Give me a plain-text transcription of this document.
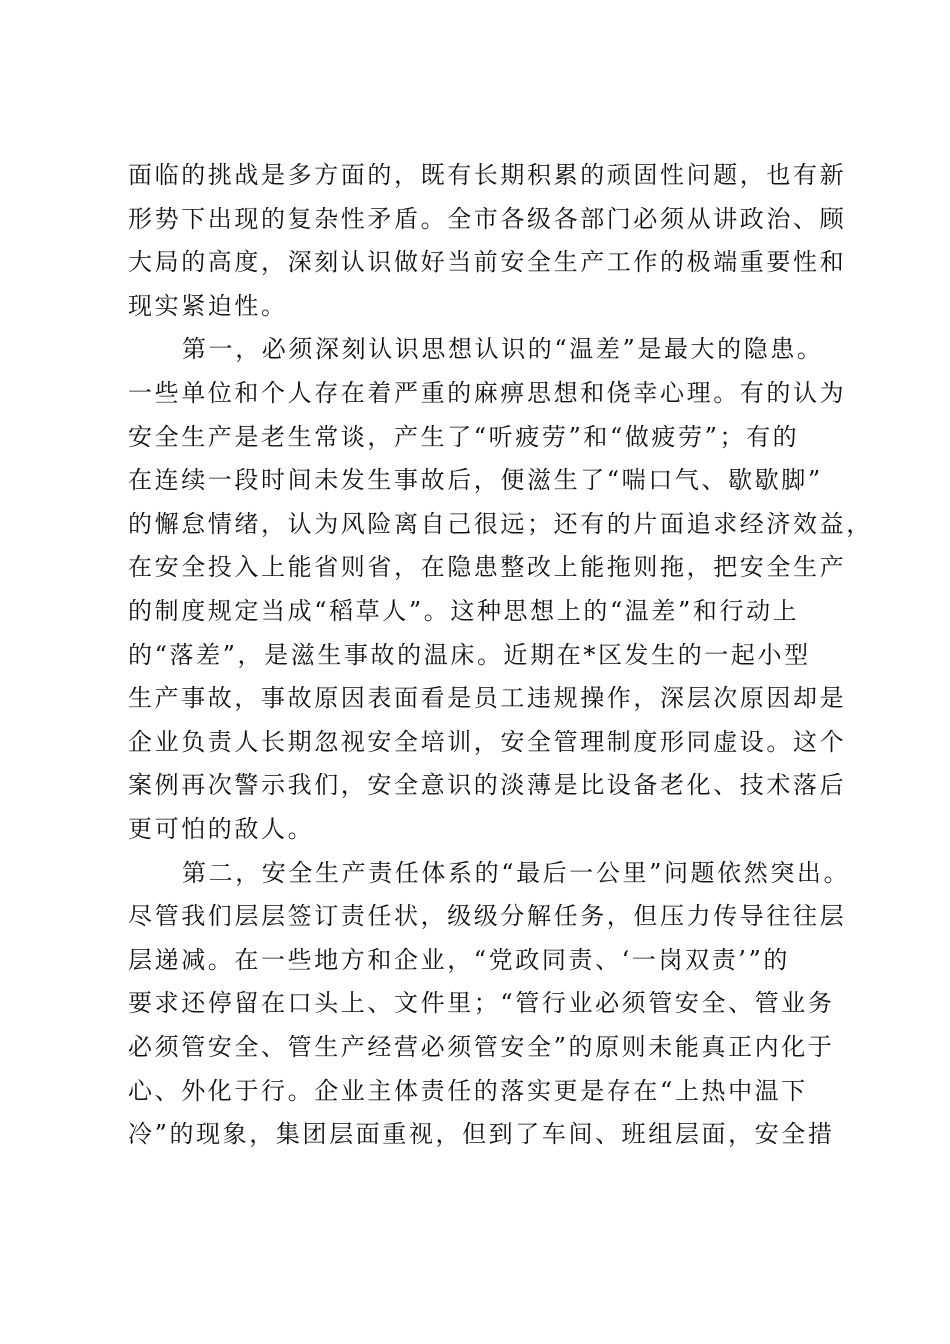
面临的挑战是多方面的，既有长期积累的顽固性问题，也有新
形势下出现的复杂性矛盾。全市各级各部门必须从讲政治、顾
大局的高度，深刻认识做好当前安全生产工作的极端重要性和
现实紧迫性。
第一，必须深刻认识思想认识的“温差”是最大的隐患。
一些单位和个人存在着严重的麻痹思想和侥幸心理。有的认为
安全生产是老生常谈，产生了“听疲劳”和“做疲劳”；有的
在连续一段时间未发生事故后，便滋生了“喘口气、歇歇脚”
的懈怠情绪，认为风险离自己很远；还有的片面追求经济效益，
在安全投入上能省则省，在隐患整改上能拖则拖，把安全生产
的制度规定当成“稻草人”。这种思想上的“温差”和行动上
的“落差”，是滋生事故的温床。近期在*区发生的一起小型
生产事故，事故原因表面看是员工违规操作，深层次原因却是
企业负责人长期忽视安全培训，安全管理制度形同虚设。这个
案例再次警示我们，安全意识的淡薄是比设备老化、技术落后
更可怕的敌人。
第二，安全生产责任体系的“最后一公里”问题依然突出。
尽管我们层层签订责任状，级级分解任务，但压力传导往往层
层递减。在一些地方和企业，“党政同责、‘一岗双责’”的
要求还停留在口头上、文件里；“管行业必须管安全、管业务
必须管安全、管生产经营必须管安全”的原则未能真正内化于
心、外化于行。企业主体责任的落实更是存在“上热中温下
冷”的现象，集团层面重视，但到了车间、班组层面，安全措
